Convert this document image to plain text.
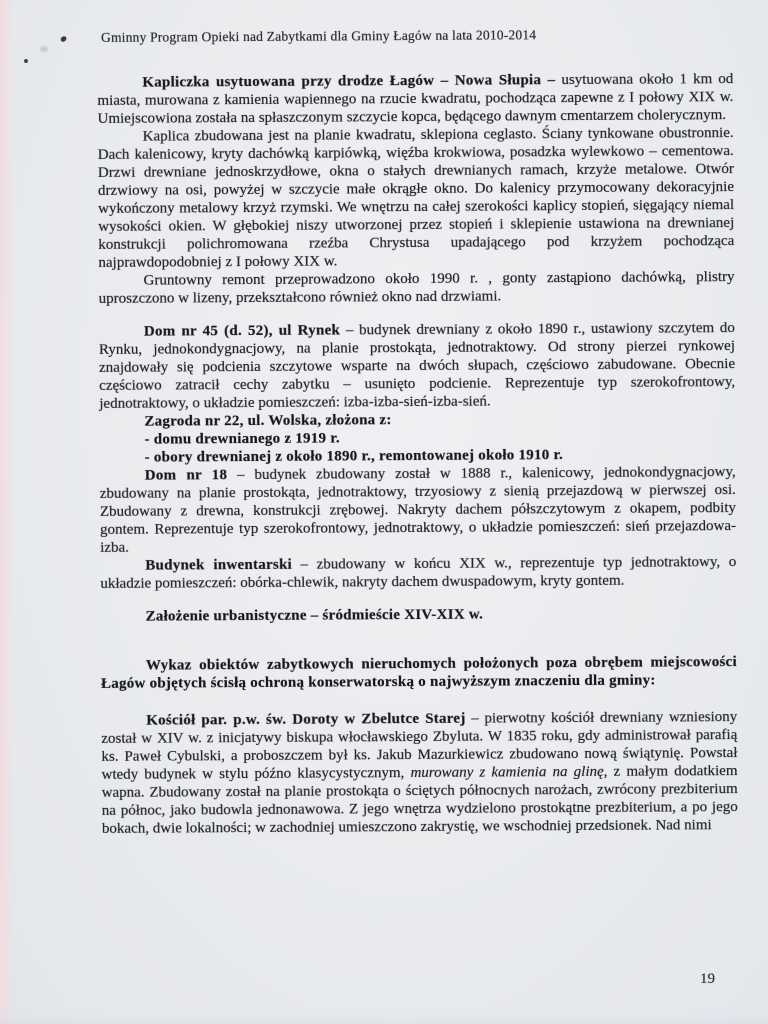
Gminny Program Opieki nad Zabytkami dla Gminy Łagów na lata 2010-2014

Kapliczka usytuowana przy drodze Łagów – Nowa Słupia – usytuowana około 1 km od miasta, murowana z kamienia wapiennego na rzucie kwadratu, pochodząca zapewne z I połowy XIX w. Umiejscowiona została na spłaszczonym szczycie kopca, będącego dawnym cmentarzem cholerycznym.

Kaplica zbudowana jest na planie kwadratu, sklepiona ceglasto. Ściany tynkowane obustronnie. Dach kalenicowy, kryty dachówką karpiówką, więźba krokwiowa, posadzka wylewkowo – cementowa. Drzwi drewniane jednoskrzydłowe, okna o stałych drewnianych ramach, krzyże metalowe. Otwór drzwiowy na osi, powyżej w szczycie małe okrągłe okno. Do kalenicy przymocowany dekoracyjnie wykończony metalowy krzyż rzymski. We wnętrzu na całej szerokości kaplicy stopień, sięgający niemal wysokości okien. W głębokiej niszy utworzonej przez stopień i sklepienie ustawiona na drewnianej konstrukcji polichromowana rzeźba Chrystusa upadającego pod krzyżem pochodząca najprawdopodobniej z I połowy XIX w.

Gruntowny remont przeprowadzono około 1990 r. , gonty zastąpiono dachówką, plistry uproszczono w lizeny, przekształcono również okno nad drzwiami.

Dom nr 45 (d. 52), ul Rynek – budynek drewniany z około 1890 r., ustawiony szczytem do Rynku, jednokondygnacjowy, na planie prostokąta, jednotraktowy. Od strony pierzei rynkowej znajdowały się podcienia szczytowe wsparte na dwóch słupach, częściowo zabudowane. Obecnie częściowo zatracił cechy zabytku – usunięto podcienie. Reprezentuje typ szerokofrontowy, jednotraktowy, o układzie pomieszczeń: izba-izba-sień-izba-sień.

Zagroda nr 22, ul. Wolska, złożona z:

- domu drewnianego z 1919 r.

- obory drewnianej z około 1890 r., remontowanej około 1910 r.

Dom nr 18 – budynek zbudowany został w 1888 r., kalenicowy, jednokondygnacjowy, zbudowany na planie prostokąta, jednotraktowy, trzyosiowy z sienią przejazdową w pierwszej osi. Zbudowany z drewna, konstrukcji zrębowej. Nakryty dachem półszczytowym z okapem, podbity gontem. Reprezentuje typ szerokofrontowy, jednotraktowy, o układzie pomieszczeń: sień przejazdowa-izba.

Budynek inwentarski – zbudowany w końcu XIX w., reprezentuje typ jednotraktowy, o układzie pomieszczeń: obórka-chlewik, nakryty dachem dwuspadowym, kryty gontem.

Założenie urbanistyczne – śródmieście XIV-XIX w.

Wykaz obiektów zabytkowych nieruchomych położonych poza obrębem miejscowości Łagów objętych ścisłą ochroną konserwatorską o najwyższym znaczeniu dla gminy:

Kościół par. p.w. św. Doroty w Zbelutce Starej – pierwotny kościół drewniany wzniesiony został w XIV w. z inicjatywy biskupa włocławskiego Zbyluta. W 1835 roku, gdy administrował parafią ks. Paweł Cybulski, a proboszczem był ks. Jakub Mazurkiewicz zbudowano nową świątynię. Powstał wtedy budynek w stylu późno klasycystycznym, murowany z kamienia na glinę, z małym dodatkiem wapna. Zbudowany został na planie prostokąta o ściętych północnych narożach, zwrócony prezbiterium na północ, jako budowla jednonawowa. Z jego wnętrza wydzielono prostokątne prezbiterium, a po jego bokach, dwie lokalności; w zachodniej umieszczono zakrystię, we wschodniej przedsionek. Nad nimi

19
